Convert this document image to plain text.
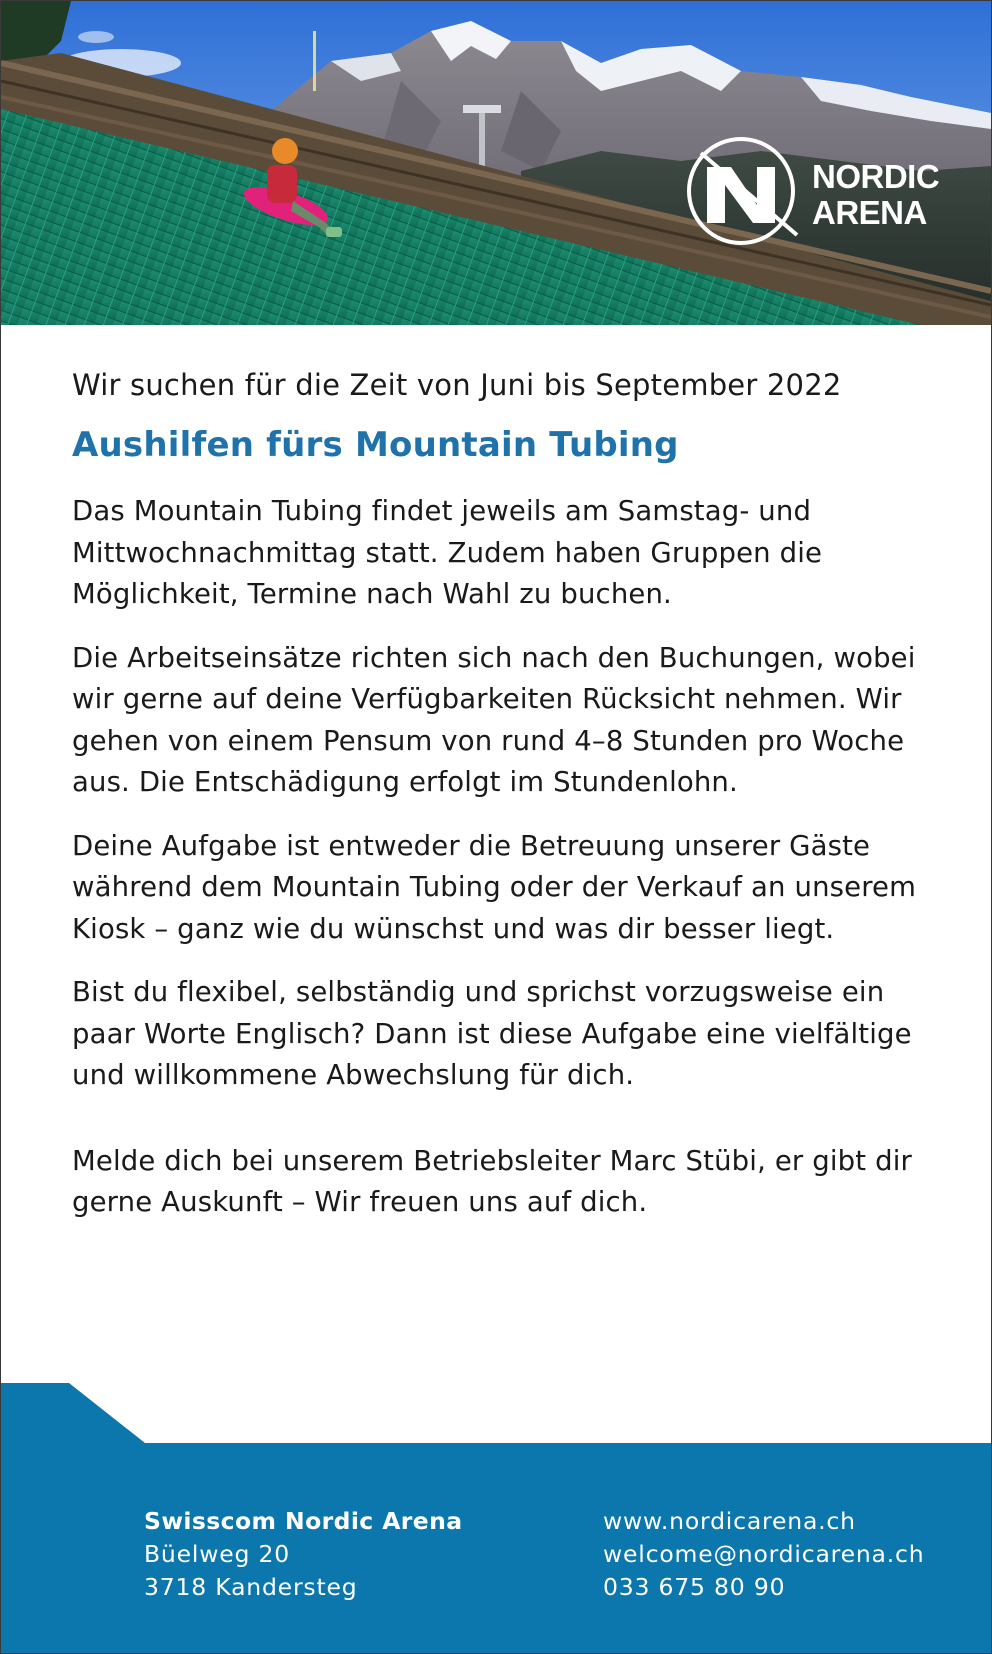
NORDIC
ARENA

Wir suchen für die Zeit von Juni bis September 2022

Aushilfen fürs Mountain Tubing

Das Mountain Tubing findet jeweils am Samstag- und Mittwochnachmittag statt. Zudem haben Gruppen die Möglichkeit, Termine nach Wahl zu buchen.

Die Arbeitseinsätze richten sich nach den Buchungen, wobei wir gerne auf deine Verfügbarkeiten Rücksicht nehmen. Wir gehen von einem Pensum von rund 4–8 Stunden pro Woche aus. Die Entschädigung erfolgt im Stundenlohn.

Deine Aufgabe ist entweder die Betreuung unserer Gäste während dem Mountain Tubing oder der Verkauf an unserem Kiosk – ganz wie du wünschst und was dir besser liegt.

Bist du flexibel, selbständig und sprichst vorzugsweise ein paar Worte Englisch? Dann ist diese Aufgabe eine vielfältige und willkommene Abwechslung für dich.

Melde dich bei unserem Betriebsleiter Marc Stübi, er gibt dir gerne Auskunft – Wir freuen uns auf dich.

Swisscom Nordic Arena
Büelweg 20
3718 Kandersteg
www.nordicarena.ch
welcome@nordicarena.ch
033 675 80 90
